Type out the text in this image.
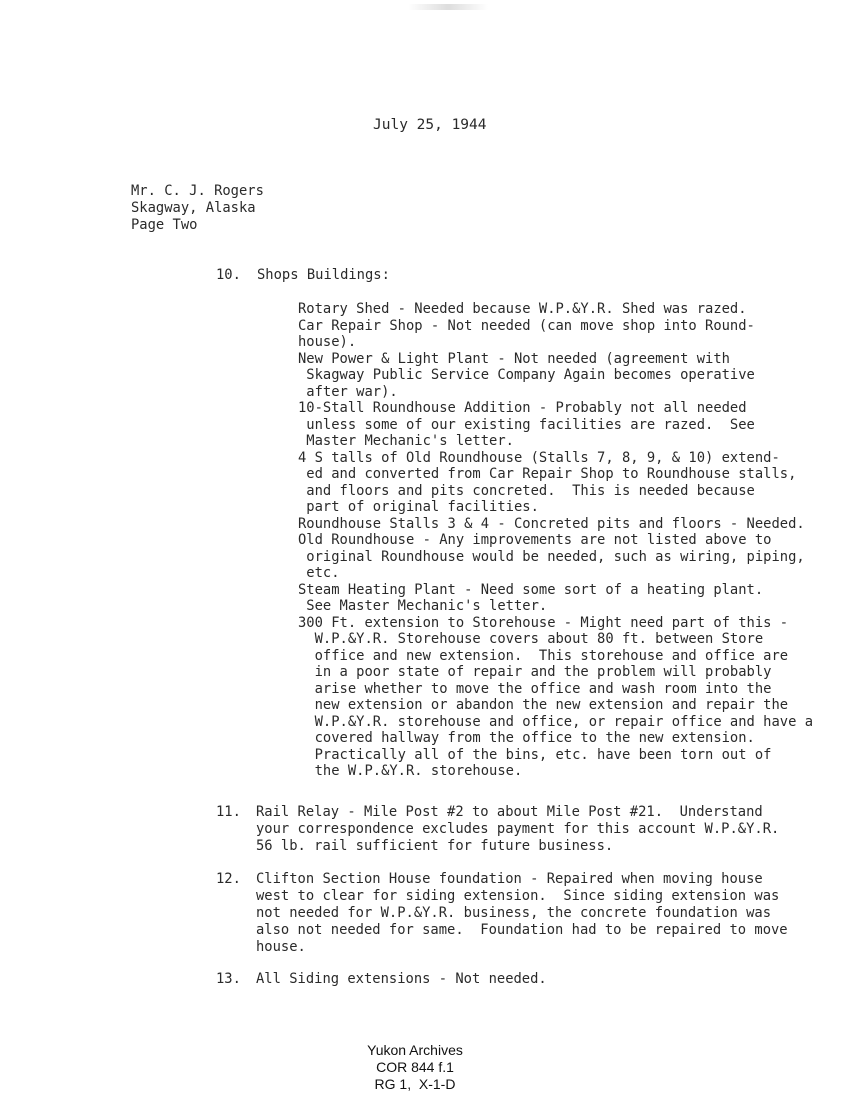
July 25, 1944
Mr. C. J. Rogers
Skagway, Alaska
Page Two
10. Shops Buildings:
Rotary Shed - Needed because W.P.&Y.R. Shed was razed.
Car Repair Shop - Not needed (can move shop into Round-
house).
New Power & Light Plant - Not needed (agreement with
Skagway Public Service Company Again becomes operative
after war).
10-Stall Roundhouse Addition - Probably not all needed
unless some of our existing facilities are razed.  See
Master Mechanic's letter.
4 S talls of Old Roundhouse (Stalls 7, 8, 9, & 10) extend-
ed and converted from Car Repair Shop to Roundhouse stalls,
and floors and pits concreted.  This is needed because
part of original facilities.
Roundhouse Stalls 3 & 4 - Concreted pits and floors - Needed.
Old Roundhouse - Any improvements are not listed above to
original Roundhouse would be needed, such as wiring, piping,
etc.
Steam Heating Plant - Need some sort of a heating plant.
See Master Mechanic's letter.
300 Ft. extension to Storehouse - Might need part of this -
W.P.&Y.R. Storehouse covers about 80 ft. between Store
office and new extension.  This storehouse and office are
in a poor state of repair and the problem will probably
arise whether to move the office and wash room into the
new extension or abandon the new extension and repair the
W.P.&Y.R. storehouse and office, or repair office and have a
covered hallway from the office to the new extension.
Practically all of the bins, etc. have been torn out of
the W.P.&Y.R. storehouse.
11. Rail Relay - Mile Post #2 to about Mile Post #21.  Understand
your correspondence excludes payment for this account W.P.&Y.R.
56 lb. rail sufficient for future business.
12. Clifton Section House foundation - Repaired when moving house
west to clear for siding extension.  Since siding extension was
not needed for W.P.&Y.R. business, the concrete foundation was
also not needed for same.  Foundation had to be repaired to move
house.
13. All Siding extensions - Not needed.
Yukon Archives
COR 844 f.1
RG 1,  X-1-D
